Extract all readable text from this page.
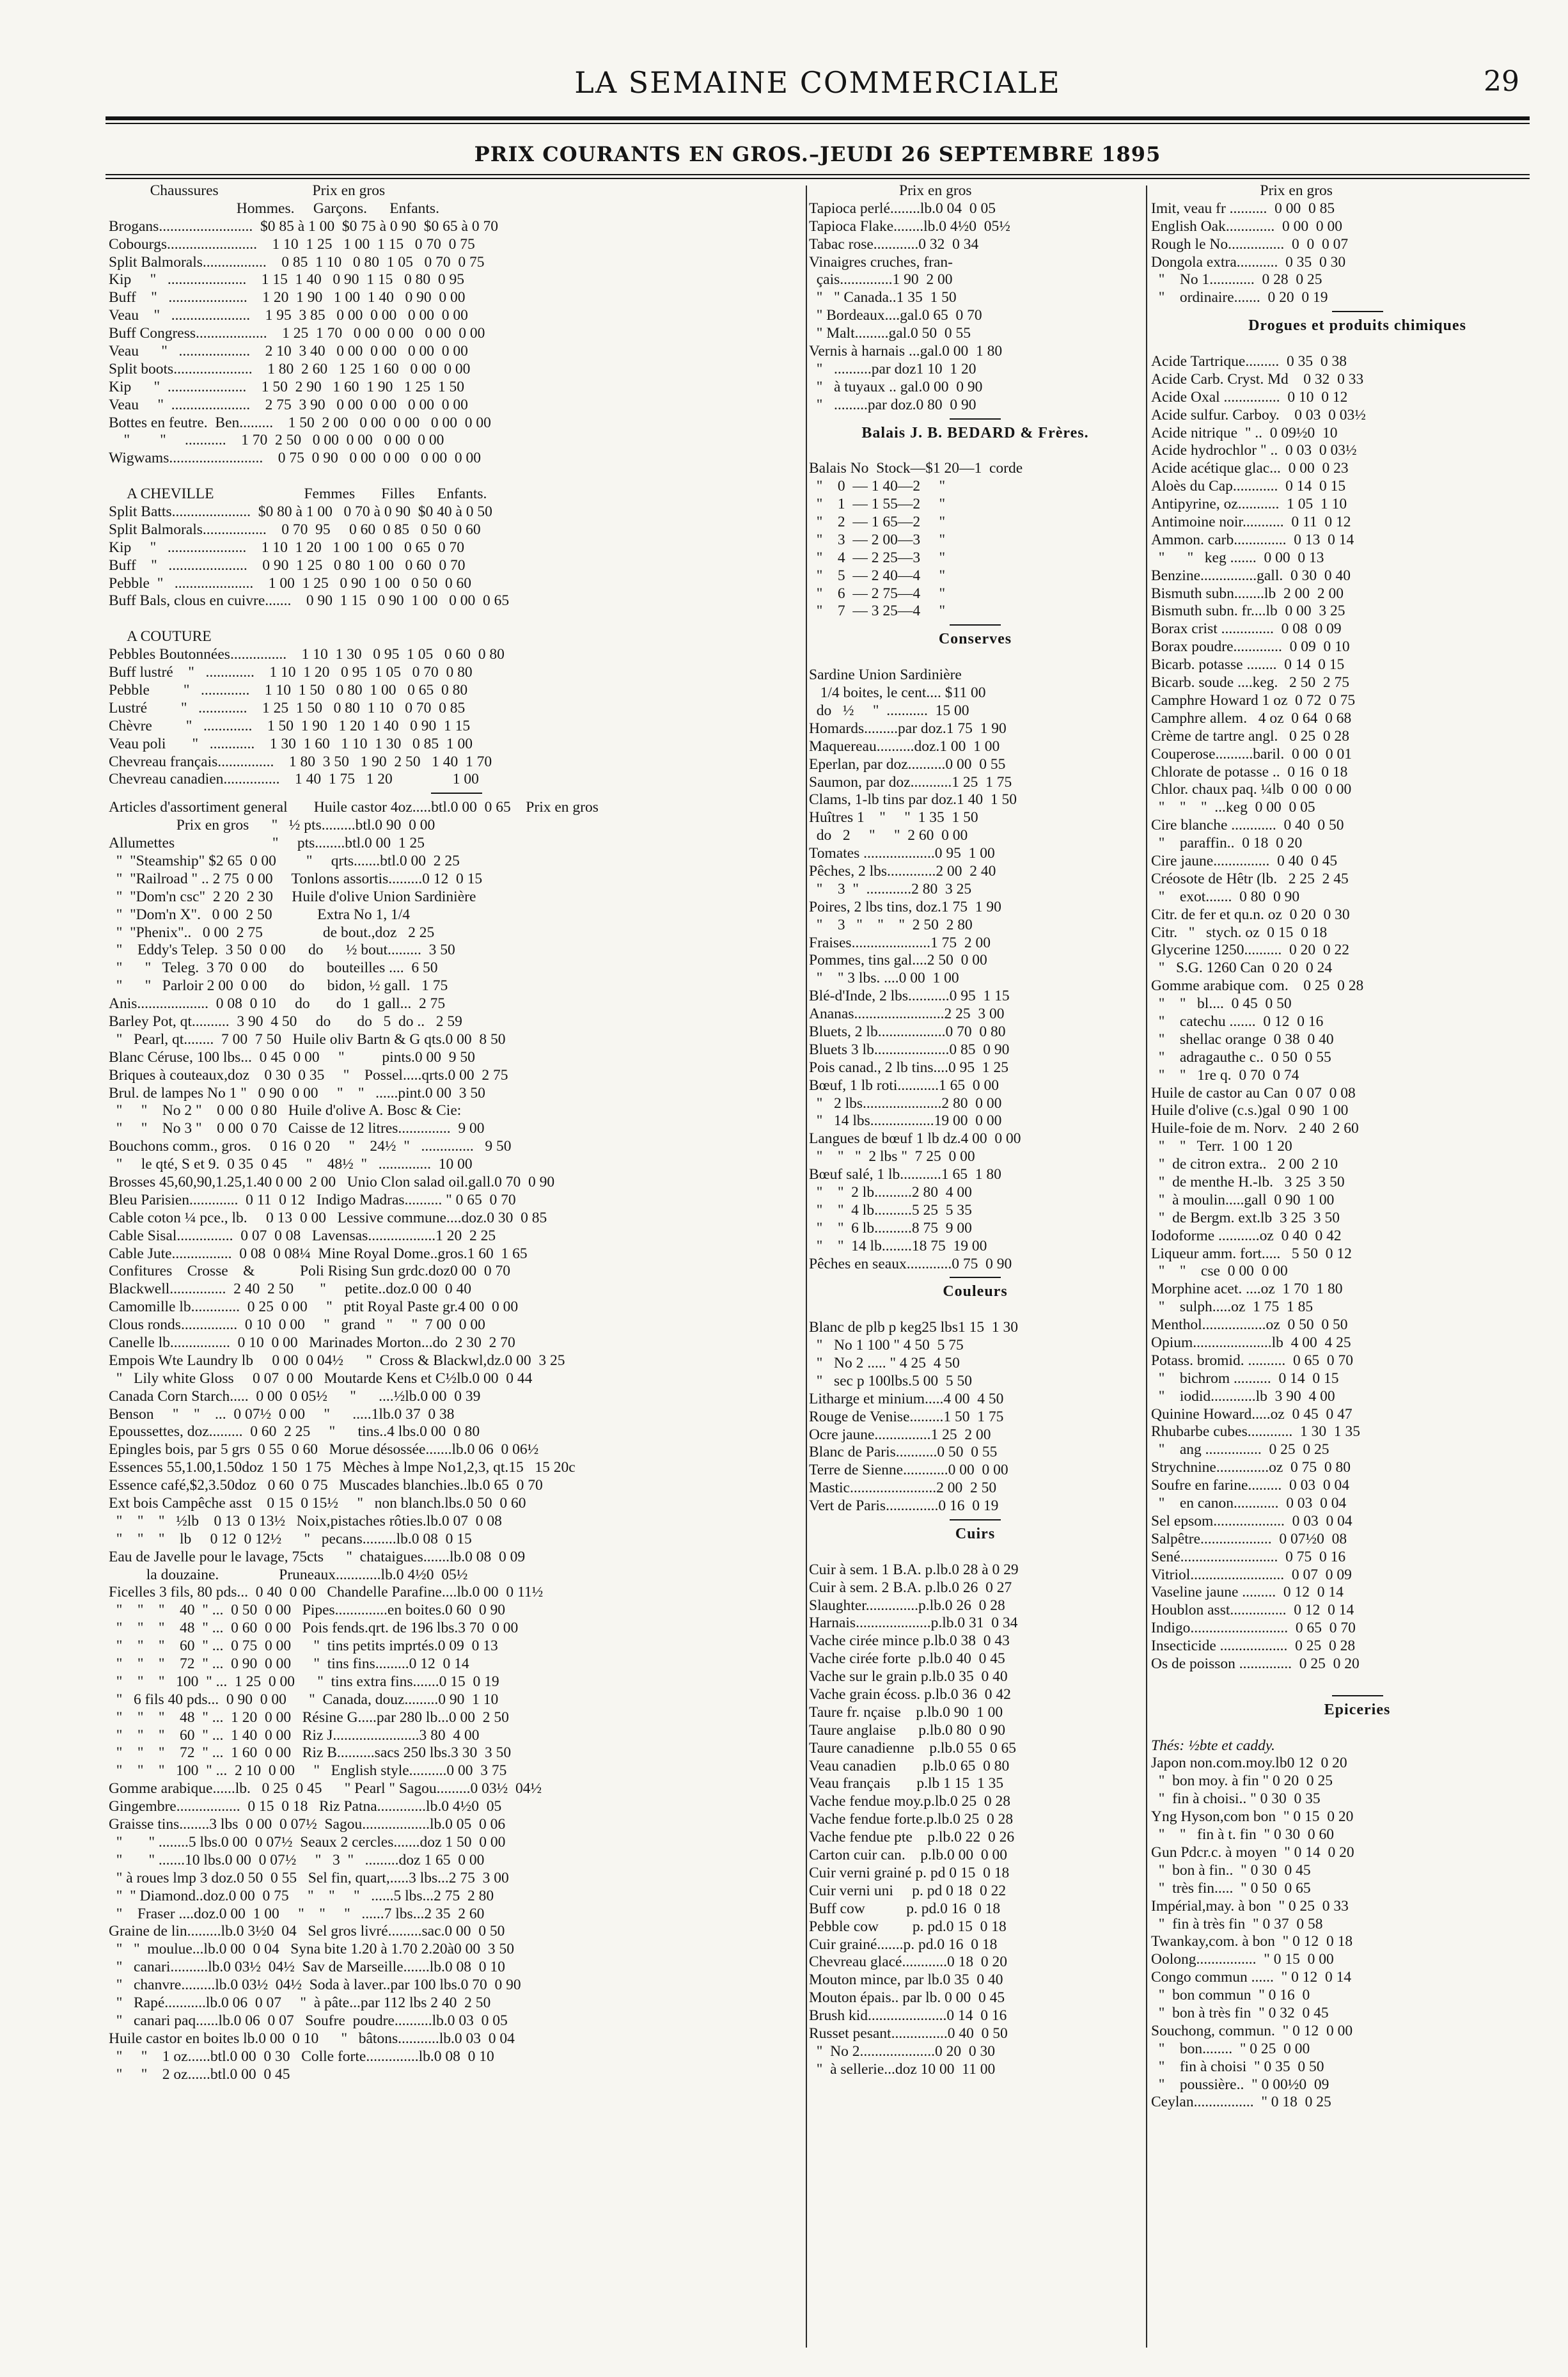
LA SEMAINE COMMERCIALE	29
PRIX COURANTS EN GROS.–JEUDI 26 SEPTEMBRE 1895
Chaussures                         Prix en gros
Hommes.     Garçons.      Enfants.
Brogans.........................  $0 85 à 1 00  $0 75 à 0 90  $0 65 à 0 70
Cobourgs........................    1 10  1 25   1 00  1 15   0 70  0 75
Split Balmorals.................    0 85  1 10   0 80  1 05   0 70  0 75
Kip     "   .....................    1 15  1 40   0 90  1 15   0 80  0 95
Buff    "   .....................    1 20  1 90   1 00  1 40   0 90  0 00
Veau    "   .....................    1 95  3 85   0 00  0 00   0 00  0 00
Buff Congress...................    1 25  1 70   0 00  0 00   0 00  0 00
Veau      "   ...................    2 10  3 40   0 00  0 00   0 00  0 00
Split boots.....................    1 80  2 60   1 25  1 60   0 00  0 00
Kip      "  .....................    1 50  2 90   1 60  1 90   1 25  1 50
Veau     "  .....................    2 75  3 90   0 00  0 00   0 00  0 00
Bottes en feutre.  Ben.........    1 50  2 00   0 00  0 00   0 00  0 00
"        "     ...........    1 70  2 50   0 00  0 00   0 00  0 00
Wigwams.........................    0 75  0 90   0 00  0 00   0 00  0 00
A CHEVILLE                        Femmes       Filles      Enfants.
Split Batts.....................  $0 80 à 1 00   0 70 à 0 90  $0 40 à 0 50
Split Balmorals.................    0 70  95     0 60  0 85   0 50  0 60
Kip     "   .....................    1 10  1 20   1 00  1 00   0 65  0 70
Buff    "   .....................    0 90  1 25   0 80  1 00   0 60  0 70
Pebble  "   .....................    1 00  1 25   0 90  1 00   0 50  0 60
Buff Bals, clous en cuivre.......    0 90  1 15   0 90  1 00   0 00  0 65
A COUTURE
Pebbles Boutonnées...............    1 10  1 30   0 95  1 05   0 60  0 80
Buff lustré    "   .............    1 10  1 20   0 95  1 05   0 70  0 80
Pebble         "   .............    1 10  1 50   0 80  1 00   0 65  0 80
Lustré         "   .............    1 25  1 50   0 80  1 10   0 70  0 85
Chèvre         "   .............    1 50  1 90   1 20  1 40   0 90  1 15
Veau poli       "   ............    1 30  1 60   1 10  1 30   0 85  1 00
Chevreau français...............    1 80  3 50   1 90  2 50   1 40  1 70
Chevreau canadien...............    1 40  1 75   1 20                1 00
Articles d'assortiment general       Huile castor 4oz.....btl.0 00  0 65    Prix en gros
Prix en gros      "   ½ pts.........btl.0 90  0 00
Allumettes                          "     pts........btl.0 00  1 25
"  "Steamship" $2 65  0 00        "     qrts.......btl.0 00  2 25
"  "Railroad " .. 2 75  0 00     Tonlons assortis.........0 12  0 15
"  "Dom'n csc"  2 20  2 30     Huile d'olive Union Sardinière
"  "Dom'n X".   0 00  2 50            Extra No 1, 1/4
"  "Phenix"..   0 00  2 75                de bout.,doz   2 25
"    Eddy's Telep.  3 50  0 00      do      ½ bout.........  3 50
"      "   Teleg.  3 70  0 00      do      bouteilles ....  6 50
"      "   Parloir 2 00  0 00      do      bidon, ½ gall.   1 75
Anis...................  0 08  0 10     do       do   1  gall...  2 75
Barley Pot, qt..........  3 90  4 50     do       do   5  do ..   2 59
"   Pearl, qt........  7 00  7 50   Huile oliv Bartn & G qts.0 00  8 50
Blanc Céruse, 100 lbs...  0 45  0 00     "          pints.0 00  9 50
Briques à couteaux,doz    0 30  0 35     "    Possel.....qrts.0 00  2 75
Brul. de lampes No 1 "   0 90  0 00     "    "   ......pint.0 00  3 50
"     "    No 2 "    0 00  0 80   Huile d'olive A. Bosc & Cie:
"     "    No 3 "    0 00  0 70   Caisse de 12 litres..............  9 00
Bouchons comm., gros.     0 16  0 20     "    24½  "   ..............   9 50
"     le qté, S et 9.  0 35  0 45     "    48½  "   ..............  10 00
Brosses 45,60,90,1.25,1.40 0 00  2 00   Unio Clon salad oil.gall.0 70  0 90
Bleu Parisien.............  0 11  0 12   Indigo Madras.......... " 0 65  0 70
Cable coton ¼ pce., lb.     0 13  0 00   Lessive commune....doz.0 30  0 85
Cable Sisal...............  0 07  0 08   Lavensas..................1 20  2 25
Cable Jute................  0 08  0 08¼  Mine Royal Dome..gros.1 60  1 65
Confitures    Crosse    &            Poli Rising Sun grdc.doz0 00  0 70
Blackwell...............  2 40  2 50       "     petite..doz.0 00  0 40
Camomille lb.............  0 25  0 00     "   ptit Royal Paste gr.4 00  0 00
Clous ronds...............  0 10  0 00     "   grand   "     "  7 00  0 00
Canelle lb................  0 10  0 00   Marinades Morton...do  2 30  2 70
Empois Wte Laundry lb     0 00  0 04½      "  Cross & Blackwl,dz.0 00  3 25
"   Lily white Gloss     0 07  0 00   Moutarde Kens et C½lb.0 00  0 44
Canada Corn Starch.....  0 00  0 05½      "      ....½lb.0 00  0 39
Benson     "    "    ...  0 07½  0 00     "      .....1lb.0 37  0 38
Epoussettes, doz.........  0 60  2 25     "      tins..4 lbs.0 00  0 80
Epingles bois, par 5 grs  0 55  0 60   Morue désossée.......lb.0 06  0 06½
Essences 55,1.00,1.50doz  1 50  1 75   Mèches à lmpe No1,2,3, qt.15   15 20c
Essence café,$2,3.50doz   0 60  0 75   Muscades blanchies..lb.0 65  0 70
Ext bois Campêche asst    0 15  0 15½     "   non blanch.lbs.0 50  0 60
"    "    "   ½lb    0 13  0 13½   Noix,pistaches rôties.lb.0 07  0 08
"    "    "    lb     0 12  0 12½      "   pecans.........lb.0 08  0 15
Eau de Javelle pour le lavage, 75cts      "  chataigues.......lb.0 08  0 09
la douzaine.                Pruneaux............lb.0 4½0  05½
Ficelles 3 fils, 80 pds...  0 40  0 00   Chandelle Parafine....lb.0 00  0 11½
"    "    "    40  " ...  0 50  0 00   Pipes..............en boites.0 60  0 90
"    "    "    48  " ...  0 60  0 00   Pois fends.qrt. de 196 lbs.3 70  0 00
"    "    "    60  " ...  0 75  0 00      "  tins petits imprtés.0 09  0 13
"    "    "    72  " ...  0 90  0 00      "  tins fins.........0 12  0 14
"    "    "   100  " ...  1 25  0 00      "  tins extra fins.......0 15  0 19
"   6 fils 40 pds...  0 90  0 00      "  Canada, douz.........0 90  1 10
"    "    "    48  " ...  1 20  0 00   Résine G.....par 280 lb...0 00  2 50
"    "    "    60  " ...  1 40  0 00   Riz J.......................3 80  4 00
"    "    "    72  " ...  1 60  0 00   Riz B..........sacs 250 lbs.3 30  3 50
"    "    "   100  " ...  2 10  0 00     "   English style..........0 00  3 75
Gomme arabique......lb.   0 25  0 45      " Pearl " Sagou.........0 03½  04½
Gingembre.................  0 15  0 18   Riz Patna.............lb.0 4½0  05
Graisse tins........3 lbs  0 00  0 07½  Sagou..................lb.0 05  0 06
"       " ........5 lbs.0 00  0 07½  Seaux 2 cercles.......doz 1 50  0 00
"       " .......10 lbs.0 00  0 07½     "   3  "   .........doz 1 65  0 00
" à roues lmp 3 doz.0 50  0 55   Sel fin, quart,.....3 lbs...2 75  3 00
"  " Diamond..doz.0 00  0 75     "    "     "   ......5 lbs...2 75  2 80
"    Fraser ....doz.0 00  1 00     "    "     "   ......7 lbs...2 35  2 60
Graine de lin.........lb.0 3½0  04   Sel gros livré.........sac.0 00  0 50
"   "  moulue...lb.0 00  0 04   Syna bite 1.20 à 1.70 2.20à0 00  3 50
"   canari..........lb.0 03½  04½  Sav de Marseille.......lb.0 08  0 10
"   chanvre.........lb.0 03½  04½  Soda à laver..par 100 lbs.0 70  0 90
"   Rapé...........lb.0 06  0 07     "  à pâte...par 112 lbs 2 40  2 50
"   canari paq......lb.0 06  0 07   Soufre  poudre..........lb.0 03  0 05
Huile castor en boites lb.0 00  0 10      "   bâtons...........lb.0 03  0 04
"     "    1 oz......btl.0 00  0 30   Colle forte..............lb.0 08  0 10
"     "    2 oz......btl.0 00  0 45
Prix en gros
Tapioca perlé........lb.0 04  0 05
Tapioca Flake........lb.0 4½0  05½
Tabac rose............0 32  0 34
Vinaigres cruches, fran-
çais..............1 90  2 00
"   " Canada..1 35  1 50
" Bordeaux....gal.0 65  0 70
" Malt.........gal.0 50  0 55
Vernis à harnais ...gal.0 00  1 80
"   ..........par doz1 10  1 20
"   à tuyaux .. gal.0 00  0 90
"   .........par doz.0 80  0 90
Balais J. B. BEDARD & Frères.
Balais No  Stock—$1 20—1  corde
"    0  — 1 40—2     "
"    1  — 1 55—2     "
"    2  — 1 65—2     "
"    3  — 2 00—3     "
"    4  — 2 25—3     "
"    5  — 2 40—4     "
"    6  — 2 75—4     "
"    7  — 3 25—4     "
Conserves
Sardine Union Sardinière
1/4 boites, le cent.... $11 00
do   ½     "  ...........  15 00
Homards.........par doz.1 75  1 90
Maquereau..........doz.1 00  1 00
Eperlan, par doz..........0 00  0 55
Saumon, par doz...........1 25  1 75
Clams, 1-lb tins par doz.1 40  1 50
Huîtres 1    "     "  1 35  1 50
do   2     "     "  2 60  0 00
Tomates ...................0 95  1 00
Pêches, 2 lbs.............2 00  2 40
"    3  "  ............2 80  3 25
Poires, 2 lbs tins, doz.1 75  1 90
"    3   "    "    "  2 50  2 80
Fraises.....................1 75  2 00
Pommes, tins gal....2 50  0 00
"    " 3 lbs. ....0 00  1 00
Blé-d'Inde, 2 lbs...........0 95  1 15
Ananas........................2 25  3 00
Bluets, 2 lb..................0 70  0 80
Bluets 3 lb....................0 85  0 90
Pois canad., 2 lb tins....0 95  1 25
Bœuf, 1 lb roti...........1 65  0 00
"   2 lbs.....................2 80  0 00
"   14 lbs.................19 00  0 00
Langues de bœuf 1 lb dz.4 00  0 00
"    "   "  2 lbs "  7 25  0 00
Bœuf salé, 1 lb...........1 65  1 80
"    "  2 lb..........2 80  4 00
"    "  4 lb..........5 25  5 35
"    "  6 lb..........8 75  9 00
"    "  14 lb........18 75  19 00
Pêches en seaux............0 75  0 90
Couleurs
Blanc de plb p keg25 lbs1 15  1 30
"   No 1 100 " 4 50  5 75
"   No 2 ..... " 4 25  4 50
"   sec p 100lbs.5 00  5 50
Litharge et minium.....4 00  4 50
Rouge de Venise.........1 50  1 75
Ocre jaune...............1 25  2 00
Blanc de Paris...........0 50  0 55
Terre de Sienne............0 00  0 00
Mastic.......................2 00  2 50
Vert de Paris..............0 16  0 19
Cuirs
Cuir à sem. 1 B.A. p.lb.0 28 à 0 29
Cuir à sem. 2 B.A. p.lb.0 26  0 27
Slaughter..............p.lb.0 26  0 28
Harnais....................p.lb.0 31  0 34
Vache cirée mince p.lb.0 38  0 43
Vache cirée forte  p.lb.0 40  0 45
Vache sur le grain p.lb.0 35  0 40
Vache grain écoss. p.lb.0 36  0 42
Taure fr. nçaise    p.lb.0 90  1 00
Taure anglaise      p.lb.0 80  0 90
Taure canadienne    p.lb.0 55  0 65
Veau canadien       p.lb.0 65  0 80
Veau français       p.lb 1 15  1 35
Vache fendue moy.p.lb.0 25  0 28
Vache fendue forte.p.lb.0 25  0 28
Vache fendue pte    p.lb.0 22  0 26
Carton cuir can.    p.lb.0 00  0 00
Cuir verni grainé p. pd 0 15  0 18
Cuir verni uni     p. pd 0 18  0 22
Buff cow           p. pd.0 16  0 18
Pebble cow         p. pd.0 15  0 18
Cuir grainé.......p. pd.0 16  0 18
Chevreau glacé............0 18  0 20
Mouton mince, par lb.0 35  0 40
Mouton épais.. par lb. 0 00  0 45
Brush kid.....................0 14  0 16
Russet pesant...............0 40  0 50
"  No 2....................0 20  0 30
"  à sellerie...doz 10 00  11 00
Prix en gros
Imit, veau fr ..........  0 00  0 85
English Oak.............  0 00  0 00
Rough le No...............  0  0  0 07
Dongola extra...........  0 35  0 30
"    No 1............  0 28  0 25
"    ordinaire.......  0 20  0 19
Drogues et produits chimiques
Acide Tartrique.........  0 35  0 38
Acide Carb. Cryst. Md    0 32  0 33
Acide Oxal ...............  0 10  0 12
Acide sulfur. Carboy.    0 03  0 03½
Acide nitrique  " ..  0 09½0  10
Acide hydrochlor " ..  0 03  0 03½
Acide acétique glac...  0 00  0 23
Aloès du Cap............  0 14  0 15
Antipyrine, oz...........  1 05  1 10
Antimoine noir...........  0 11  0 12
Ammon. carb..............  0 13  0 14
"      "   keg .......  0 00  0 13
Benzine...............gall.  0 30  0 40
Bismuth subn........lb  2 00  2 00
Bismuth subn. fr....lb  0 00  3 25
Borax crist ..............  0 08  0 09
Borax poudre.............  0 09  0 10
Bicarb. potasse ........  0 14  0 15
Bicarb. soude ....keg.   2 50  2 75
Camphre Howard 1 oz  0 72  0 75
Camphre allem.   4 oz  0 64  0 68
Crème de tartre angl.   0 25  0 28
Couperose..........baril.  0 00  0 01
Chlorate de potasse ..  0 16  0 18
Chlor. chaux paq. ¼lb  0 00  0 00
"    "    "  ...keg  0 00  0 05
Cire blanche ............  0 40  0 50
"    paraffin..  0 18  0 20
Cire jaune...............  0 40  0 45
Créosote de Hêtr (lb.   2 25  2 45
"    exot.......  0 80  0 90
Citr. de fer et qu.n. oz  0 20  0 30
Citr.   "   stych. oz  0 15  0 18
Glycerine 1250..........  0 20  0 22
"   S.G. 1260 Can  0 20  0 24
Gomme arabique com.    0 25  0 28
"    "   bl....  0 45  0 50
"    catechu .......  0 12  0 16
"    shellac orange  0 38  0 40
"    adragauthe c..  0 50  0 55
"    "   1re q.  0 70  0 74
Huile de castor au Can  0 07  0 08
Huile d'olive (c.s.)gal  0 90  1 00
Huile-foie de m. Norv.   2 40  2 60
"    "   Terr.  1 00  1 20
"  de citron extra..   2 00  2 10
"  de menthe H.-lb.   3 25  3 50
"  à moulin.....gall  0 90  1 00
"  de Bergm. ext.lb  3 25  3 50
Iodoforme ...........oz  0 40  0 42
Liqueur amm. fort.....   5 50  0 12
"    "    cse  0 00  0 00
Morphine acet. ....oz  1 70  1 80
"    sulph.....oz  1 75  1 85
Menthol.................oz  0 50  0 50
Opium.....................lb  4 00  4 25
Potass. bromid. ..........  0 65  0 70
"    bichrom ..........  0 14  0 15
"    iodid............lb  3 90  4 00
Quinine Howard.....oz  0 45  0 47
Rhubarbe cubes............  1 30  1 35
"    ang ...............  0 25  0 25
Strychnine..............oz  0 75  0 80
Soufre en farine.........  0 03  0 04
"    en canon............  0 03  0 04
Sel epsom...................  0 03  0 04
Salpêtre...................  0 07½0  08
Sené..........................  0 75  0 16
Vitriol.........................  0 07  0 09
Vaseline jaune .........  0 12  0 14
Houblon asst...............  0 12  0 14
Indigo..........................  0 65  0 70
Insecticide ..................  0 25  0 28
Os de poisson ..............  0 25  0 20
Epiceries
Thés: ½bte et caddy.
Japon non.com.moy.lb0 12  0 20
"  bon moy. à fin " 0 20  0 25
"  fin à choisi.. " 0 30  0 35
Yng Hyson,com bon  " 0 15  0 20
"    "   fin à t. fin  " 0 30  0 60
Gun Pdcr.c. à moyen  " 0 14  0 20
"  bon à fin..  " 0 30  0 45
"  très fin.....  " 0 50  0 65
Impérial,may. à bon  " 0 25  0 33
"  fin à très fin  " 0 37  0 58
Twankay,com. à bon  " 0 12  0 18
Oolong................  " 0 15  0 00
Congo commun ......  " 0 12  0 14
"  bon commun  " 0 16  0
"  bon à très fin  " 0 32  0 45
Souchong, commun.  " 0 12  0 00
"    bon........  " 0 25  0 00
"    fin à choisi  " 0 35  0 50
"    poussière..  " 0 00½0  09
Ceylan................  " 0 18  0 25
